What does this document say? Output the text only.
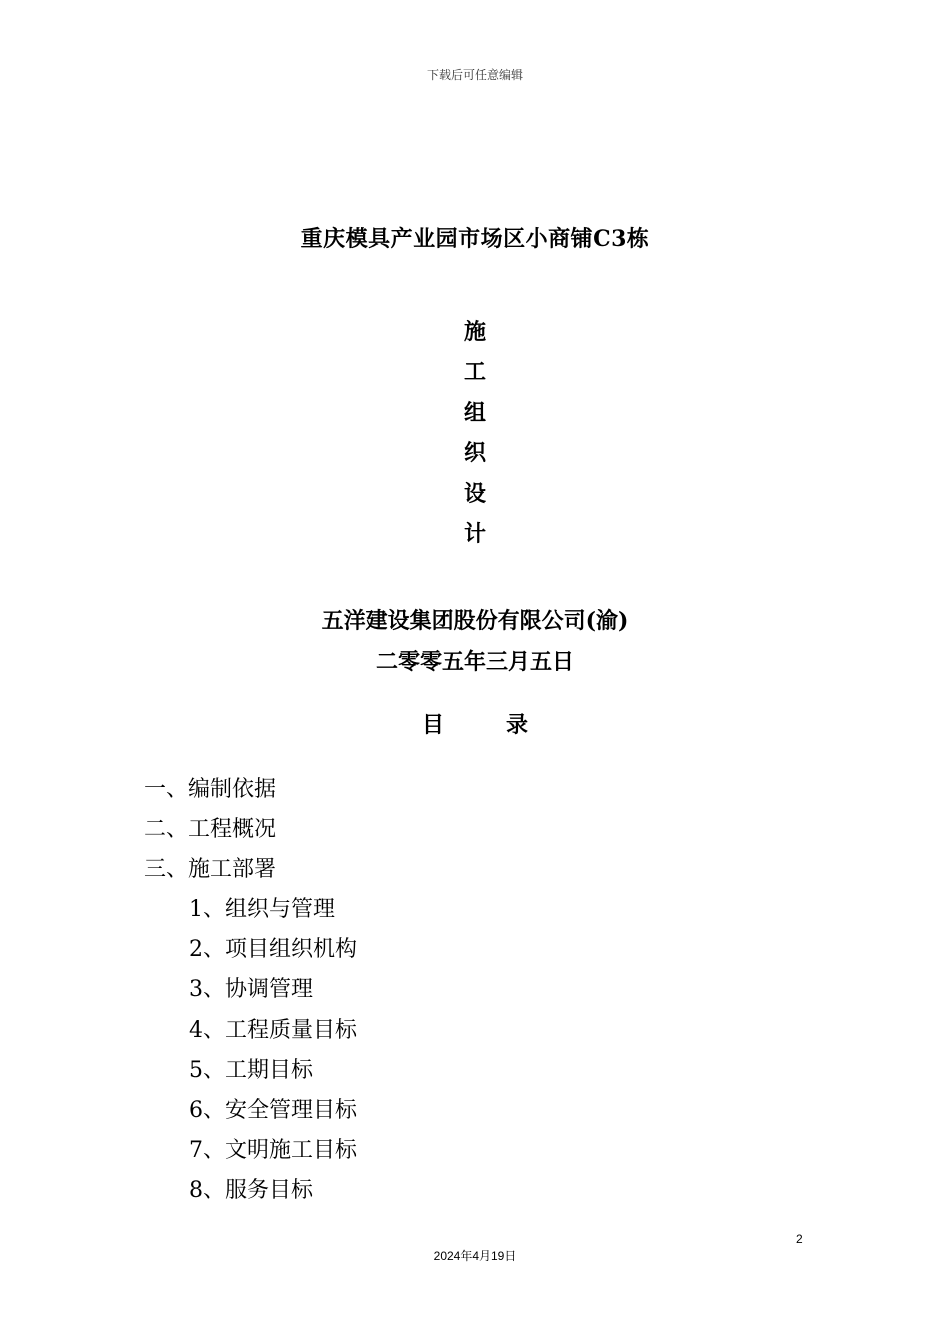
下载后可任意编辑
重庆模具产业园市场区小商铺C3栋
施
工
组
织
设
计
五洋建设集团股份有限公司(渝)
二零零五年三月五日
目	录
一、编制依据
二、工程概况
三、施工部署
1、组织与管理
2、项目组织机构
3、协调管理
4、工程质量目标
5、工期目标
6、安全管理目标
7、文明施工目标
8、服务目标
2
2024年4月19日
